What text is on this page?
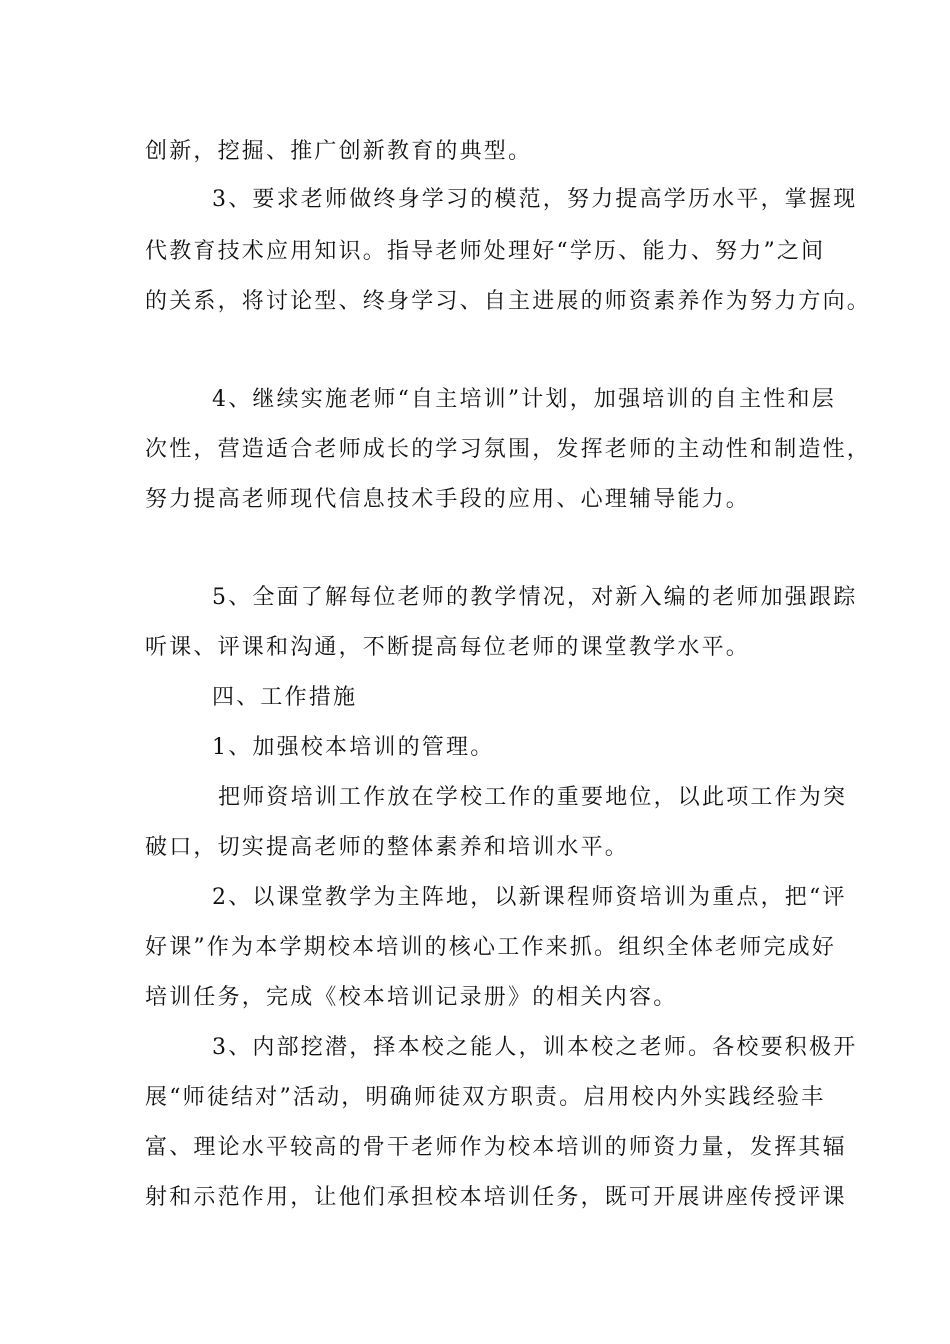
创新，挖掘、推广创新教育的典型。
3、要求老师做终身学习的模范，努力提高学历水平，掌握现
代教育技术应用知识。指导老师处理好“学历、能力、努力”之间
的关系，将讨论型、终身学习、自主进展的师资素养作为努力方向。
4、继续实施老师“自主培训”计划，加强培训的自主性和层
次性，营造适合老师成长的学习氛围，发挥老师的主动性和制造性，
努力提高老师现代信息技术手段的应用、心理辅导能力。
5、全面了解每位老师的教学情况，对新入编的老师加强跟踪
听课、评课和沟通，不断提高每位老师的课堂教学水平。
四、工作措施
1、加强校本培训的管理。
把师资培训工作放在学校工作的重要地位，以此项工作为突
破口，切实提高老师的整体素养和培训水平。
2、以课堂教学为主阵地，以新课程师资培训为重点，把“评
好课”作为本学期校本培训的核心工作来抓。组织全体老师完成好
培训任务，完成《校本培训记录册》的相关内容。
3、内部挖潜，择本校之能人，训本校之老师。各校要积极开
展“师徒结对”活动，明确师徒双方职责。启用校内外实践经验丰
富、理论水平较高的骨干老师作为校本培训的师资力量，发挥其辐
射和示范作用，让他们承担校本培训任务，既可开展讲座传授评课
